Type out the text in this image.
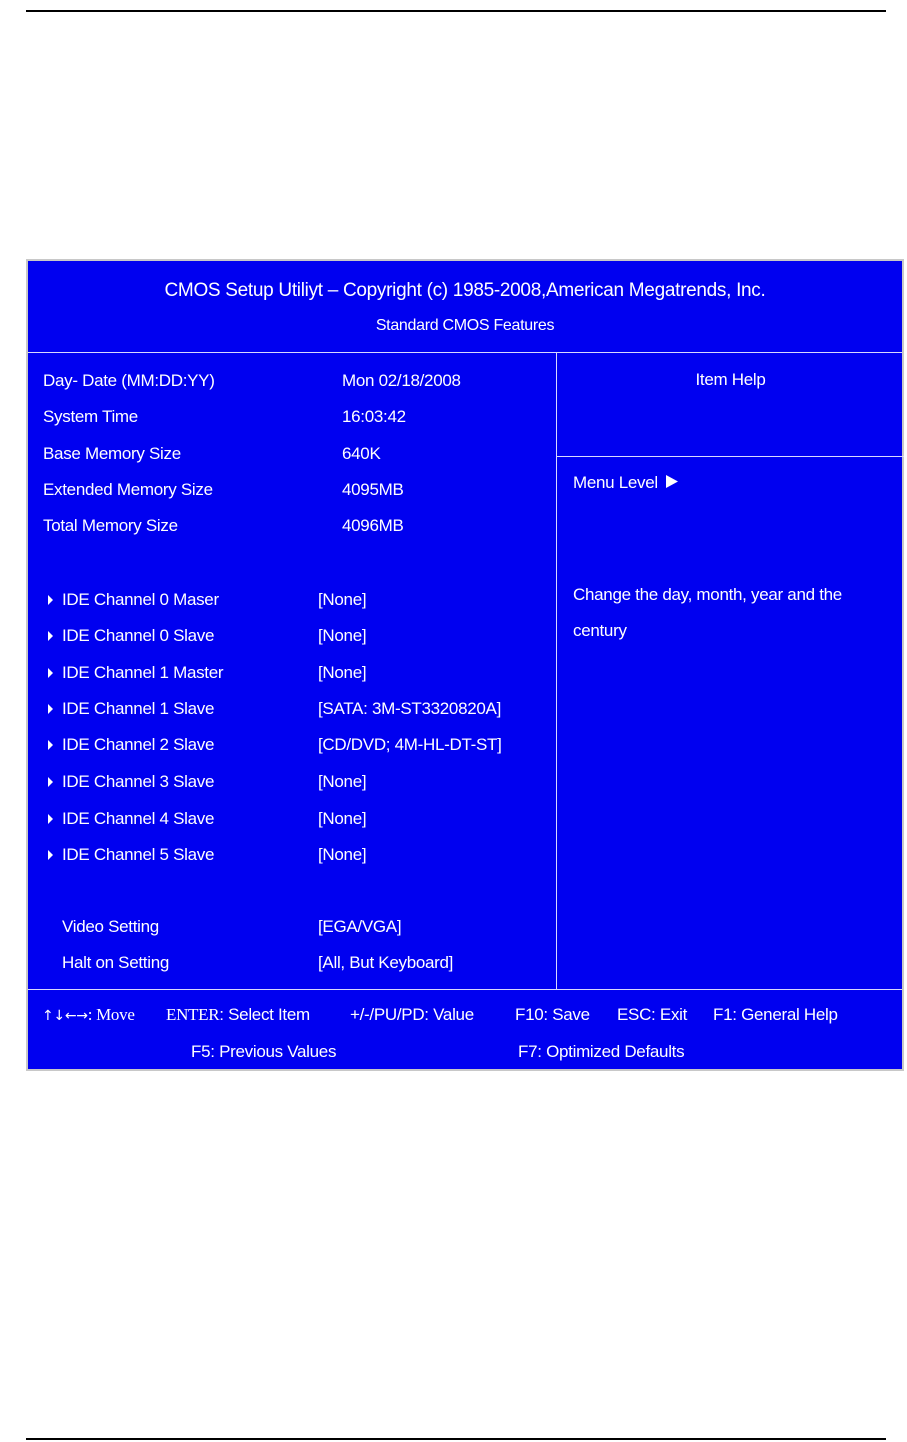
CMOS Setup Utiliyt – Copyright (c) 1985-2008,American Megatrends, Inc.
Standard CMOS Features
Day- Date (MM:DD:YY)	Mon 02/18/2008
System Time	16:03:42
Base Memory Size	640K
Extended Memory Size	4095MB
Total Memory Size	4096MB
IDE Channel 0 Maser	[None]
IDE Channel 0 Slave	[None]
IDE Channel 1 Master	[None]
IDE Channel 1 Slave	[SATA: 3M-ST3320820A]
IDE Channel 2 Slave	[CD/DVD; 4M-HL-DT-ST]
IDE Channel 3 Slave	[None]
IDE Channel 4 Slave	[None]
IDE Channel 5 Slave	[None]
Video Setting	[EGA/VGA]
Halt on Setting	[All, But Keyboard]
Item Help
Menu Level
Change the day, month, year and the century
↑↓←→: Move ENTER: Select Item +/-/PU/PD: Value F10: Save ESC: Exit F1: General Help
F5: Previous Values	F7: Optimized Defaults
